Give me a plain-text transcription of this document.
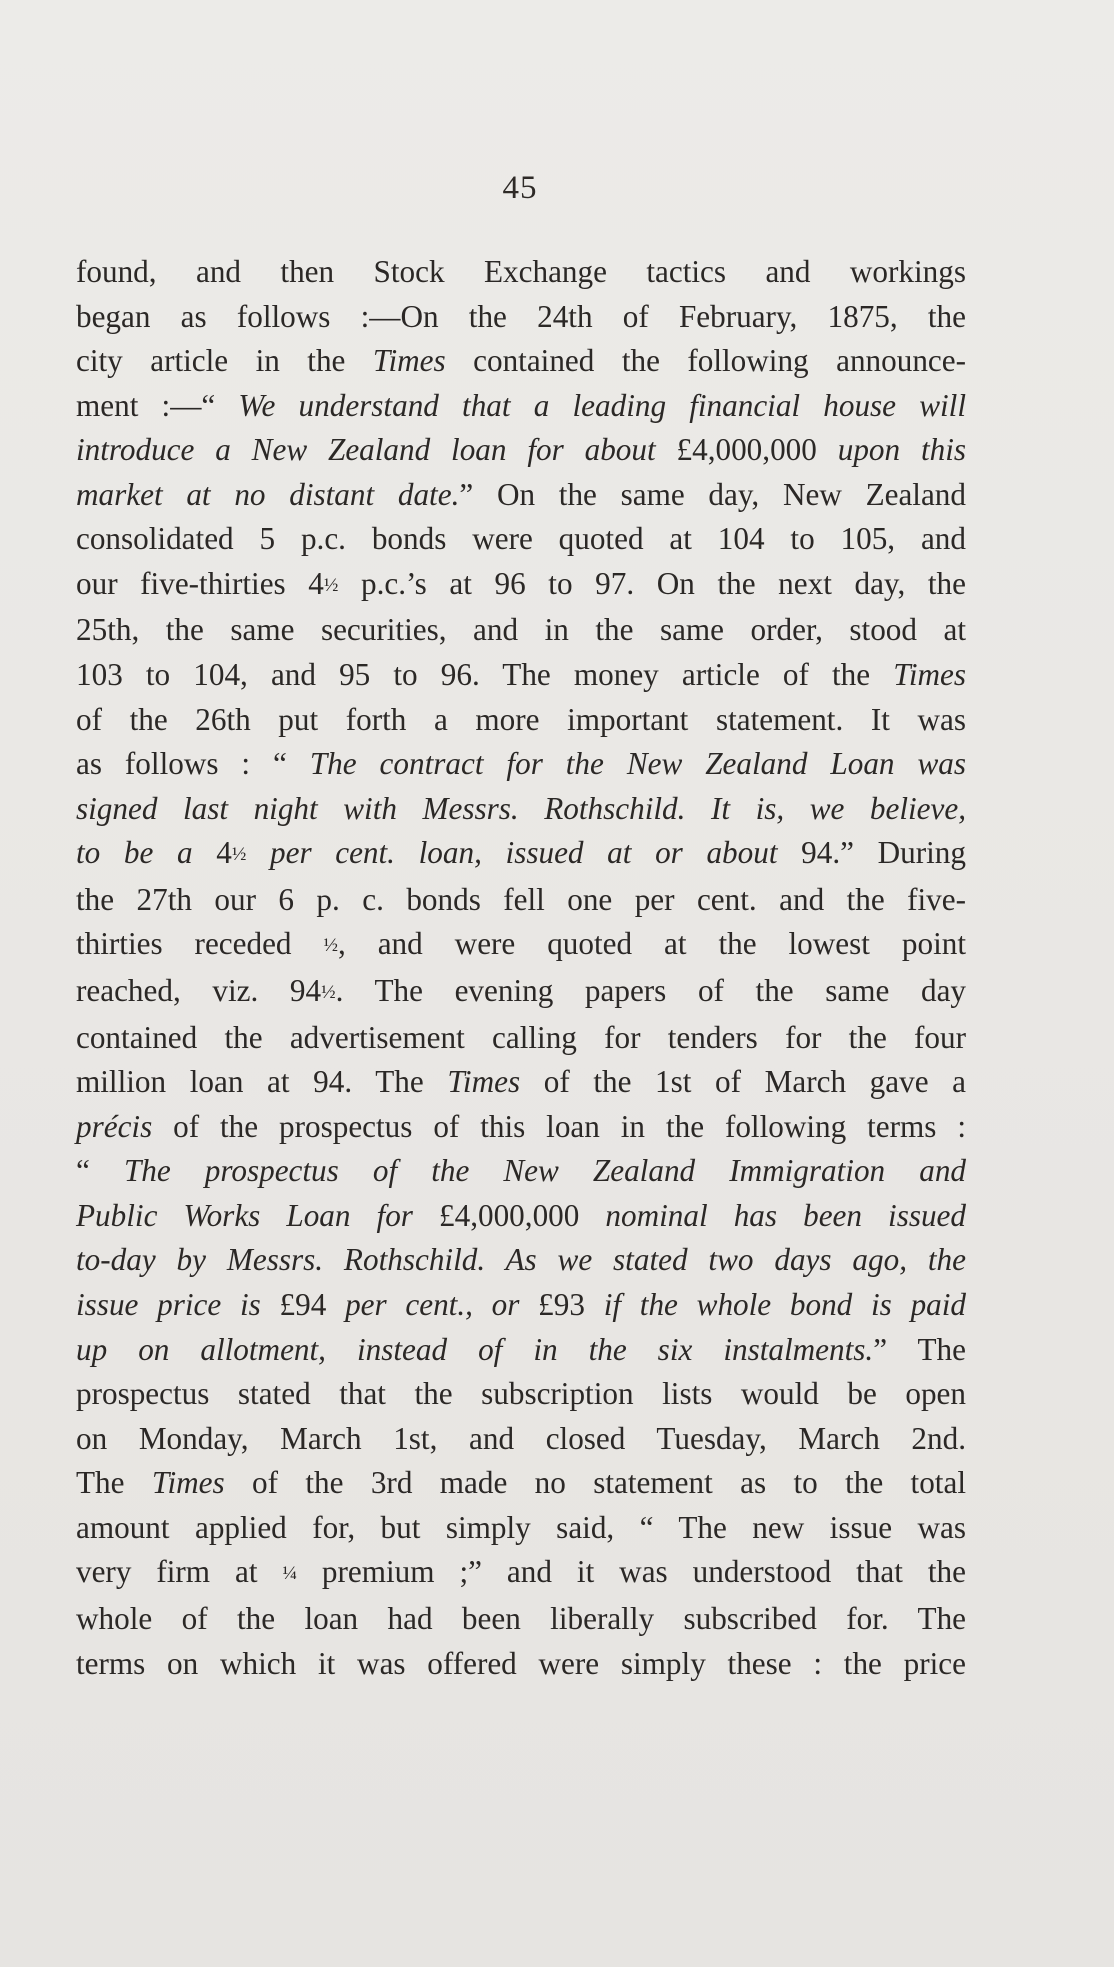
45
found, and then Stock Exchange tactics and workings
began as follows :—On the 24th of February, 1875, the
city article in the Times contained the following announce-
ment :—“ We understand that a leading financial house will
introduce a New Zealand loan for about £4,000,000 upon this
market at no distant date.” On the same day, New Zealand
consolidated 5 p.c. bonds were quoted at 104 to 105, and
our five-thirties 4½ p.c.’s at 96 to 97. On the next day, the
25th, the same securities, and in the same order, stood at
103 to 104, and 95 to 96. The money article of the Times
of the 26th put forth a more important statement. It was
as follows : “ The contract for the New Zealand Loan was
signed last night with Messrs. Rothschild. It is, we believe,
to be a 4½ per cent. loan, issued at or about 94.” During
the 27th our 6 p. c. bonds fell one per cent. and the five-
thirties receded ½, and were quoted at the lowest point
reached, viz. 94½. The evening papers of the same day
contained the advertisement calling for tenders for the four
million loan at 94. The Times of the 1st of March gave a
précis of the prospectus of this loan in the following terms :
“ The prospectus of the New Zealand Immigration and
Public Works Loan for £4,000,000 nominal has been issued
to-day by Messrs. Rothschild. As we stated two days ago, the
issue price is £94 per cent., or £93 if the whole bond is paid
up on allotment, instead of in the six instalments.” The
prospectus stated that the subscription lists would be open
on Monday, March 1st, and closed Tuesday, March 2nd.
The Times of the 3rd made no statement as to the total
amount applied for, but simply said, “ The new issue was
very firm at ¼ premium ;” and it was understood that the
whole of the loan had been liberally subscribed for. The
terms on which it was offered were simply these : the price
